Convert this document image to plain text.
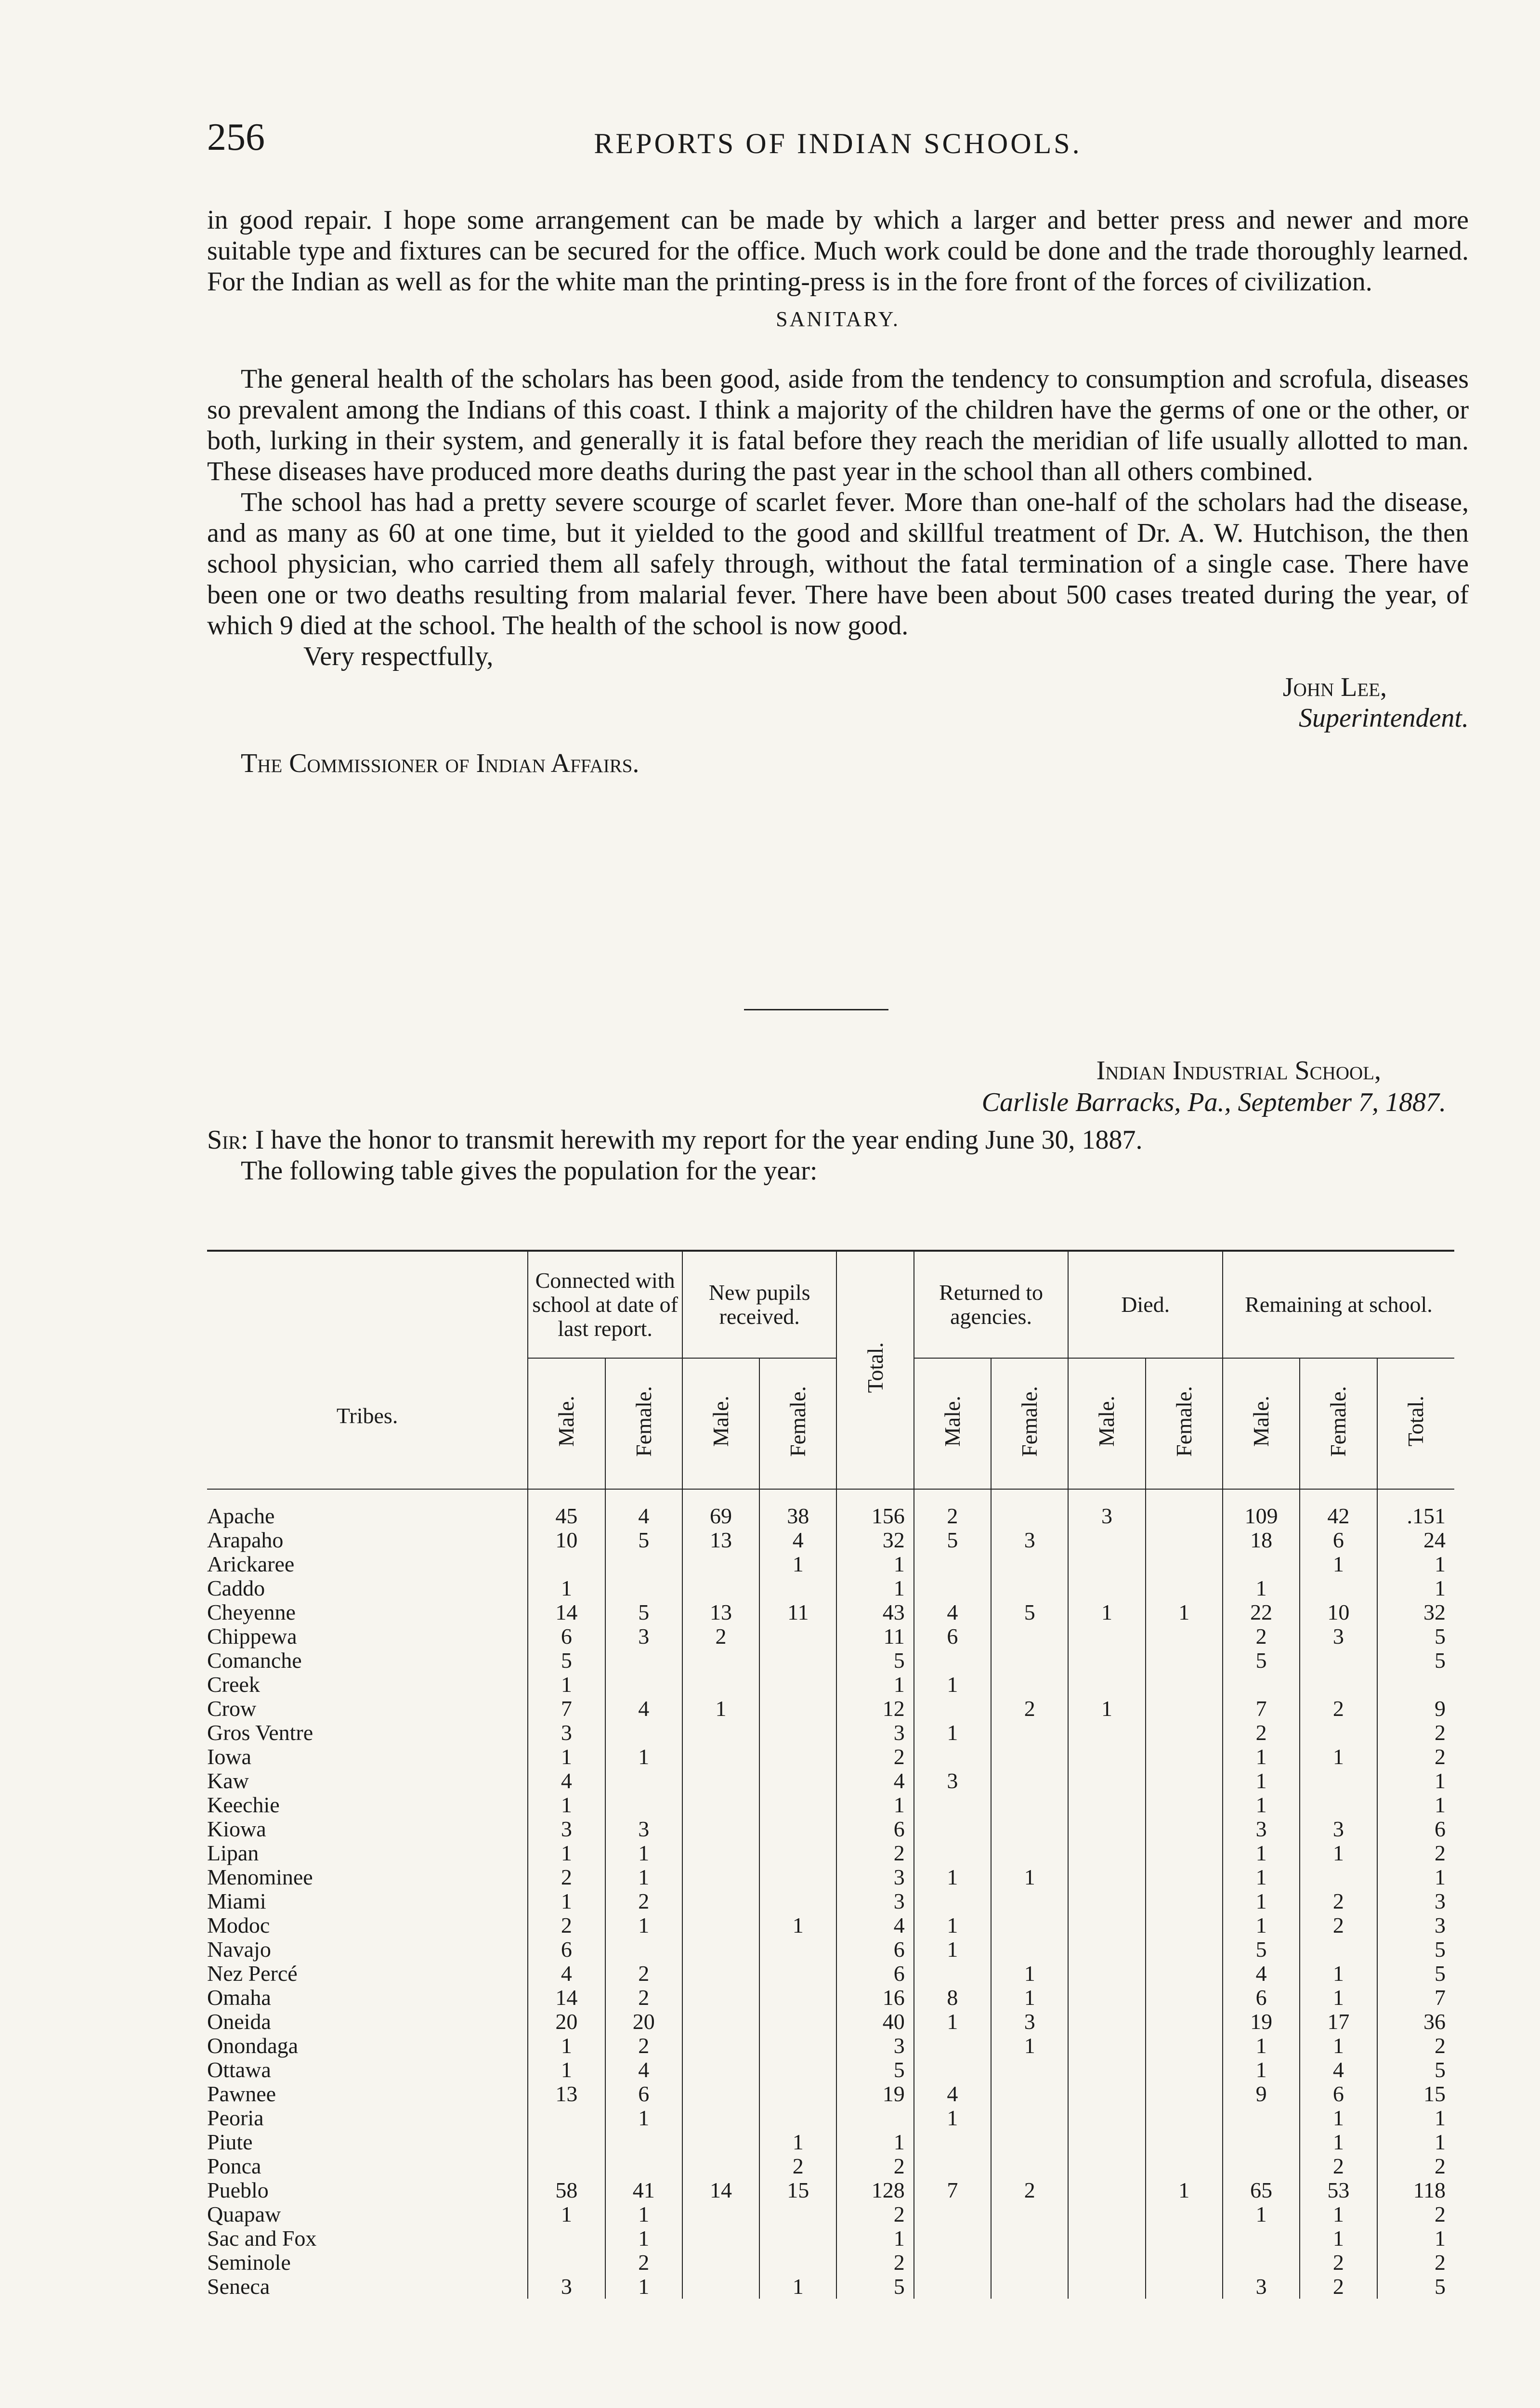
256	REPORTS OF INDIAN SCHOOLS.

in good repair. I hope some arrangement can be made by which a larger and better press and newer and more suitable type and fixtures can be secured for the office. Much work could be done and the trade thoroughly learned. For the Indian as well as for the white man the printing-press is in the fore front of the forces of civilization.

SANITARY.

The general health of the scholars has been good, aside from the tendency to consumption and scrofula, diseases so prevalent among the Indians of this coast. I think a majority of the children have the germs of one or the other, or both, lurking in their system, and generally it is fatal before they reach the meridian of life usually allotted to man. These diseases have produced more deaths during the past year in the school than all others combined.

The school has had a pretty severe scourge of scarlet fever. More than one-half of the scholars had the disease, and as many as 60 at one time, but it yielded to the good and skillful treatment of Dr. A. W. Hutchison, the then school physician, who carried them all safely through, without the fatal termination of a single case. There have been one or two deaths resulting from malarial fever. There have been about 500 cases treated during the year, of which 9 died at the school. The health of the school is now good.

Very respectfully,

John Lee,
Superintendent.

The Commissioner of Indian Affairs.

Indian Industrial School,
Carlisle Barracks, Pa., September 7, 1887.

Sir: I have the honor to transmit herewith my report for the year ending June 30, 1887.

The following table gives the population for the year:

Tribes.	Connected with school at date of last report.		New pupils received.		Total.	Returned to agencies.		Died.		Remaining at school.		
	Male.	Female.	Male.	Female.		Male.	Female.	Male.	Female.	Male.	Female.	Total.
Apache	45	4	69	38	156	2		3		109	42	.151
Arapaho	10	5	13	4	32	5	3			18	6	24
Arickaree				1	1						1	1
Caddo	1				1					1		1
Cheyenne	14	5	13	11	43	4	5	1	1	22	10	32
Chippewa	6	3	2		11	6				2	3	5
Comanche	5				5					5		5
Creek	1				1	1						
Crow	7	4	1		12		2	1		7	2	9
Gros Ventre	3				3	1				2		2
Iowa	1	1			2					1	1	2
Kaw	4				4	3				1		1
Keechie	1				1					1		1
Kiowa	3	3			6					3	3	6
Lipan	1	1			2					1	1	2
Menominee	2	1			3	1	1			1		1
Miami	1	2			3					1	2	3
Modoc	2	1		1	4	1				1	2	3
Navajo	6				6	1				5		5
Nez Percé	4	2			6		1			4	1	5
Omaha	14	2			16	8	1			6	1	7
Oneida	20	20			40	1	3			19	17	36
Onondaga	1	2			3		1			1	1	2
Ottawa	1	4			5					1	4	5
Pawnee	13	6			19	4				9	6	15
Peoria		1				1					1	1
Piute				1	1						1	1
Ponca				2	2						2	2
Pueblo	58	41	14	15	128	7	2		1	65	53	118
Quapaw	1	1			2					1	1	2
Sac and Fox		1			1						1	1
Seminole		2			2						2	2
Seneca	3	1		1	5					3	2	5
